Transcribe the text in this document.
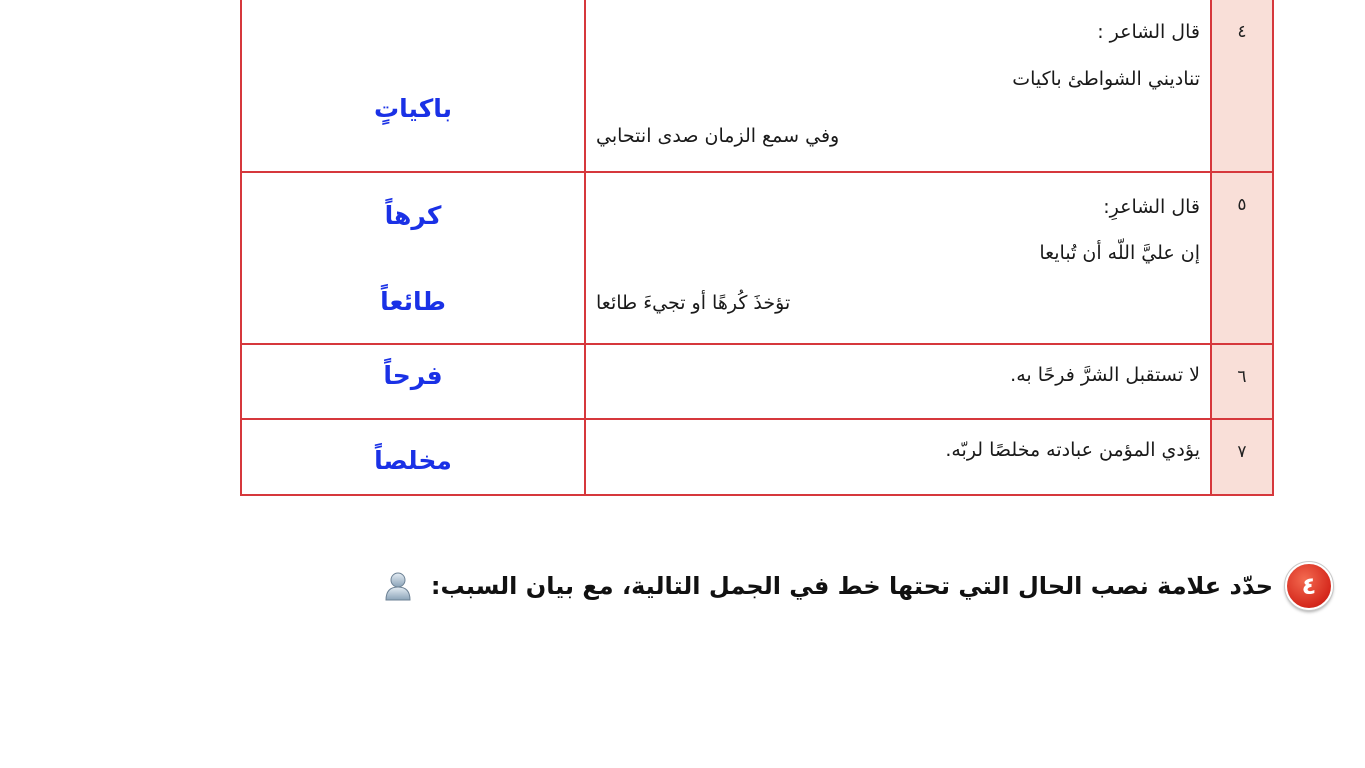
٤	قال الشاعر :
تناديني الشواطئ باكيات
وفي سمع الزمان صدى انتحابي	باكياتٍ

٥	قال الشاعرِ:
إن عليَّ اللّه أن تُبايعا
تؤخذَ كُرهًا أو تجيءَ طائعا	كرهاً
طائعاً

٦	لا تستقبل الشرَّ فرحًا به.	فرحاً

٧	يؤدي المؤمن عبادته مخلصًا لربّه.	مخلصاً
٤
حدّد علامة نصب الحال التي تحتها خط في الجمل التالية، مع بيان السبب:
